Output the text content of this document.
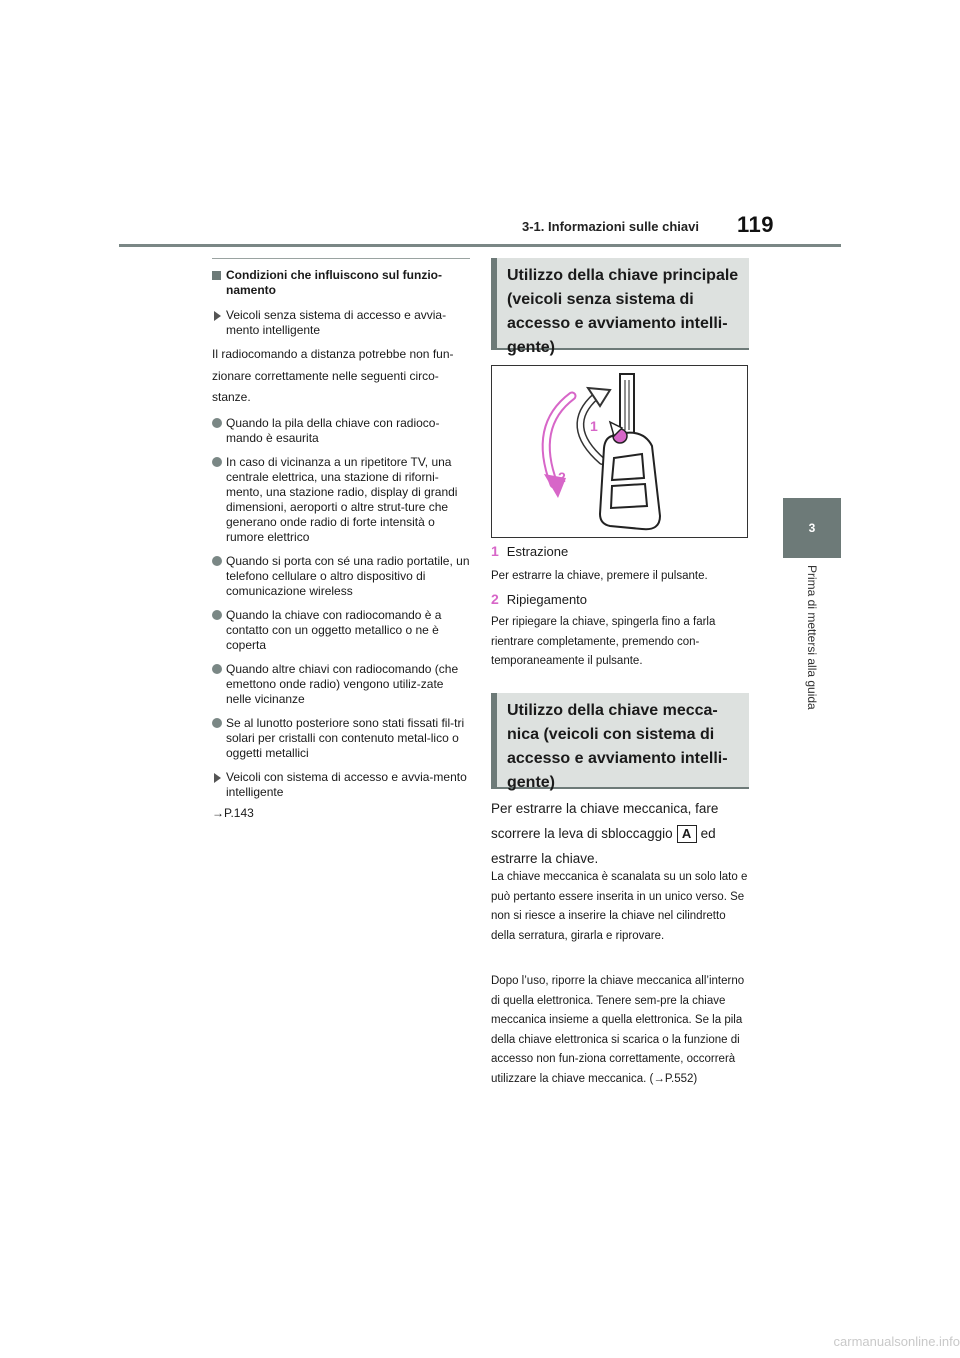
3-1. Informazioni sulle chiavi 119
3
Prima di mettersi alla guida
Condizioni che influiscono sul funzio-namento
Veicoli senza sistema di accesso e avvia-mento intelligente
Il radiocomando a distanza potrebbe non fun-zionare correttamente nelle seguenti circo-stanze.
Quando la pila della chiave con radioco-mando è esaurita
In caso di vicinanza a un ripetitore TV, una centrale elettrica, una stazione di riforni-mento, una stazione radio, display di grandi dimensioni, aeroporti o altre strut-ture che generano onde radio di forte intensità o rumore elettrico
Quando si porta con sé una radio portatile, un telefono cellulare o altro dispositivo di comunicazione wireless
Quando la chiave con radiocomando è a contatto con un oggetto metallico o ne è coperta
Quando altre chiavi con radiocomando (che emettono onde radio) vengono utiliz-zate nelle vicinanze
Se al lunotto posteriore sono stati fissati fil-tri solari per cristalli con contenuto metal-lico o oggetti metallici
Veicoli con sistema di accesso e avvia-mento intelligente
→P.143
Utilizzo della chiave principale (veicoli senza sistema di accesso e avviamento intelli-gente)
1
2
1 Estrazione
Per estrarre la chiave, premere il pulsante.
2 Ripiegamento
Per ripiegare la chiave, spingerla fino a farla rientrare completamente, premendo con-temporaneamente il pulsante.
Utilizzo della chiave mecca-nica (veicoli con sistema di accesso e avviamento intelli-gente)
Per estrarre la chiave meccanica, fare scorrere la leva di sbloccaggio A ed estrarre la chiave.
La chiave meccanica è scanalata su un solo lato e può pertanto essere inserita in un unico verso. Se non si riesce a inserire la chiave nel cilindretto della serratura, girarla e riprovare.
Dopo l’uso, riporre la chiave meccanica all’interno di quella elettronica. Tenere sem-pre la chiave meccanica insieme a quella elettronica. Se la pila della chiave elettronica si scarica o la funzione di accesso non fun-ziona correttamente, occorrerà utilizzare la chiave meccanica. (→P.552)
carmanualsonline.info
